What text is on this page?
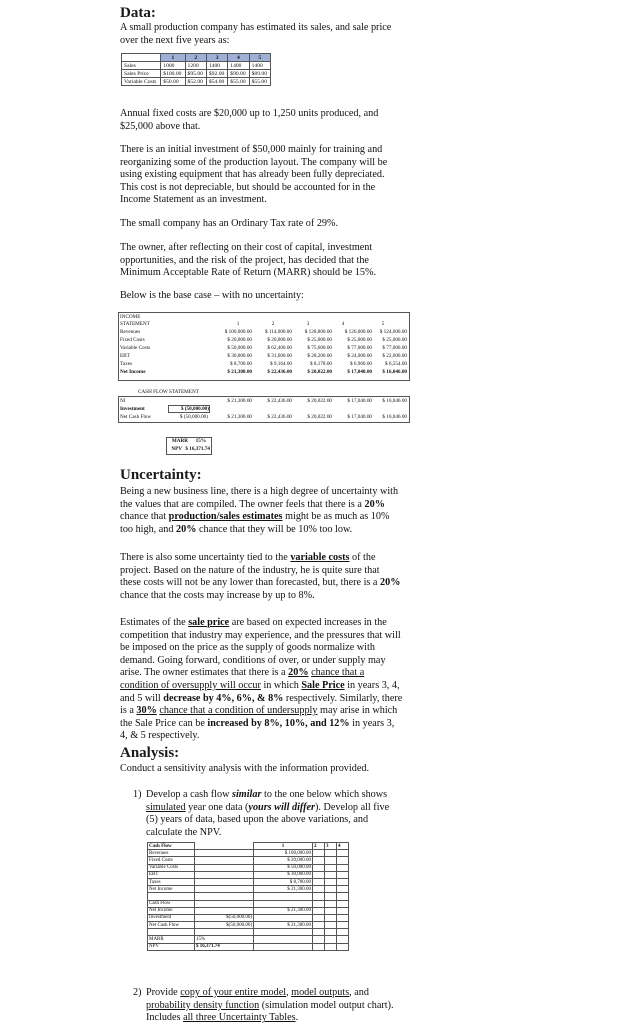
Data:
A small production company has estimated its sales, and sale price over the next five years as:
	1	2	3	4	5
Sales	1000	1200	1400	1400	1400
Sales Price	$100.00	$95.00	$92.00	$90.00	$89.00
Variable Costs	$50.00	$52.00	$54.00	$55.00	$55.00
Annual fixed costs are $20,000 up to 1,250 units produced, and $25,000 above that.
There is an initial investment of $50,000 mainly for training and reorganizing some of the production layout. The company will be using existing equipment that has already been fully depreciated. This cost is not depreciable, but should be accounted for in the Income Statement as an investment.
The small company has an Ordinary Tax rate of 29%.
The owner, after reflecting on their cost of capital, investment opportunities, and the risk of the project, has decided that the Minimum Acceptable Rate of Return (MARR) should be 15%.
Below is the base case – with no uncertainty:
INCOME
STATEMENT	1	2	3	4	5
Revenues	$ 100,000.00	$ 114,000.00	$ 128,800.00	$ 126,000.00	$ 124,600.00
Fixed Costs	$ 20,000.00	$ 20,000.00	$ 25,000.00	$ 25,000.00	$ 25,000.00
Variable Costs	$ 50,000.00	$ 62,400.00	$ 75,600.00	$ 77,000.00	$ 77,000.00
EBT	$ 30,000.00	$ 31,600.00	$ 28,200.00	$ 24,000.00	$ 22,600.00
Taxes	$ 8,700.00	$ 9,164.00	$ 8,178.00	$ 6,960.00	$ 6,554.00
Net Income	$ 21,300.00	$ 22,436.00	$ 20,022.00	$ 17,040.00	$ 16,046.00
CASH FLOW STATEMENT
NI	$ 21,300.00	$ 22,436.00	$ 20,022.00	$ 17,040.00	$ 16,046.00
Investment	$ (50,000.00)
Net Cash Flow	$ (50,000.00)	$ 21,300.00	$ 22,436.00	$ 20,022.00	$ 17,040.00	$ 16,046.00
MARR	15%
NPV $ 16,371.74
Uncertainty:
Being a new business line, there is a high degree of uncertainty with the values that are compiled. The owner feels that there is a 20% chance that production/sales estimates might be as much as 10% too high, and 20% chance that they will be 10% too low.
There is also some uncertainty tied to the variable costs of the project. Based on the nature of the industry, he is quite sure that these costs will not be any lower than forecasted, but, there is a 20% chance that the costs may increase by up to 8%.
Estimates of the sale price are based on expected increases in the competition that industry may experience, and the pressures that will be imposed on the price as the supply of goods normalize with demand. Going forward, conditions of over, or under supply may arise. The owner estimates that there is a 20% chance that a condition of oversupply will occur in which Sale Price in years 3, 4, and 5 will decrease by 4%, 6%, & 8% respectively. Similarly, there is a 30% chance that a condition of undersupply may arise in which the Sale Price can be increased by 8%, 10%, and 12% in years 3, 4, & 5 respectively.
Analysis:
Conduct a sensitivity analysis with the information provided.
1) Develop a cash flow similar to the one below which shows simulated year one data (yours will differ). Develop all five (5) years of data, based upon the above variations, and calculate the NPV.
Cash Flow		1	2	3	4
Revenues		$ 100,000.00			
Fixed Costs		$ 20,000.00			
Variable Costs		$ 50,000.00			
EBT		$ 30,000.00			
Taxes		$ 8,700.00			
Net Income		$ 21,300.00			

Cash Flow					
Net Income		$ 21,300.00			
Investment	$(50,000.00)				
Net Cash Flow	$(50,000.00)	$ 21,300.00			

MARR	15%				
NPV	$ 16,371.74				
2) Provide copy of your entire model, model outputs, and probability density function (simulation model output chart). Includes all three Uncertainty Tables.
